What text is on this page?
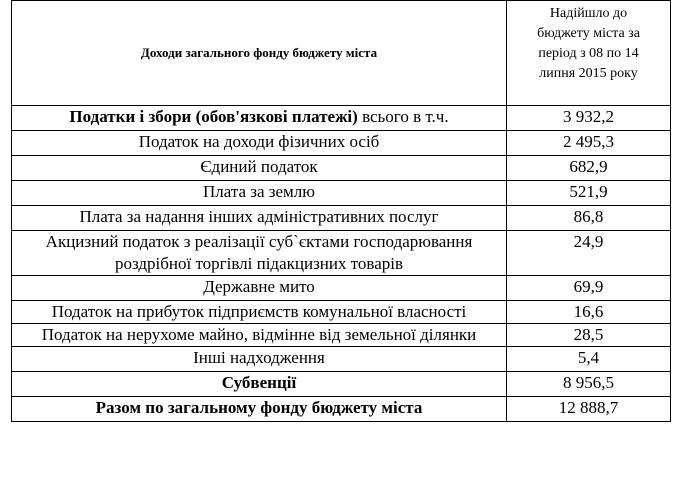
Доходи загального фонду бюджету міста	Надійшло до
бюджету міста за
період з 08 по 14
липня 2015 року

Податки і збори (обов'язкові платежі) всього в т.ч.	3 932,2
Податок на доходи фізичних осіб	2 495,3
Єдиний податок	682,9
Плата за землю	521,9
Плата за надання інших адміністративних послуг	86,8
Акцизний податок з реалізації суб`єктами господарювання роздрібної торгівлі підакцизних товарів	24,9
Державне мито	69,9
Податок на прибуток підприємств комунальної власності	16,6
Податок на нерухоме майно, відмінне від земельної ділянки	28,5
Інші надходження	5,4
Субвенції	8 956,5
Разом по загальному фонду бюджету міста	12 888,7
